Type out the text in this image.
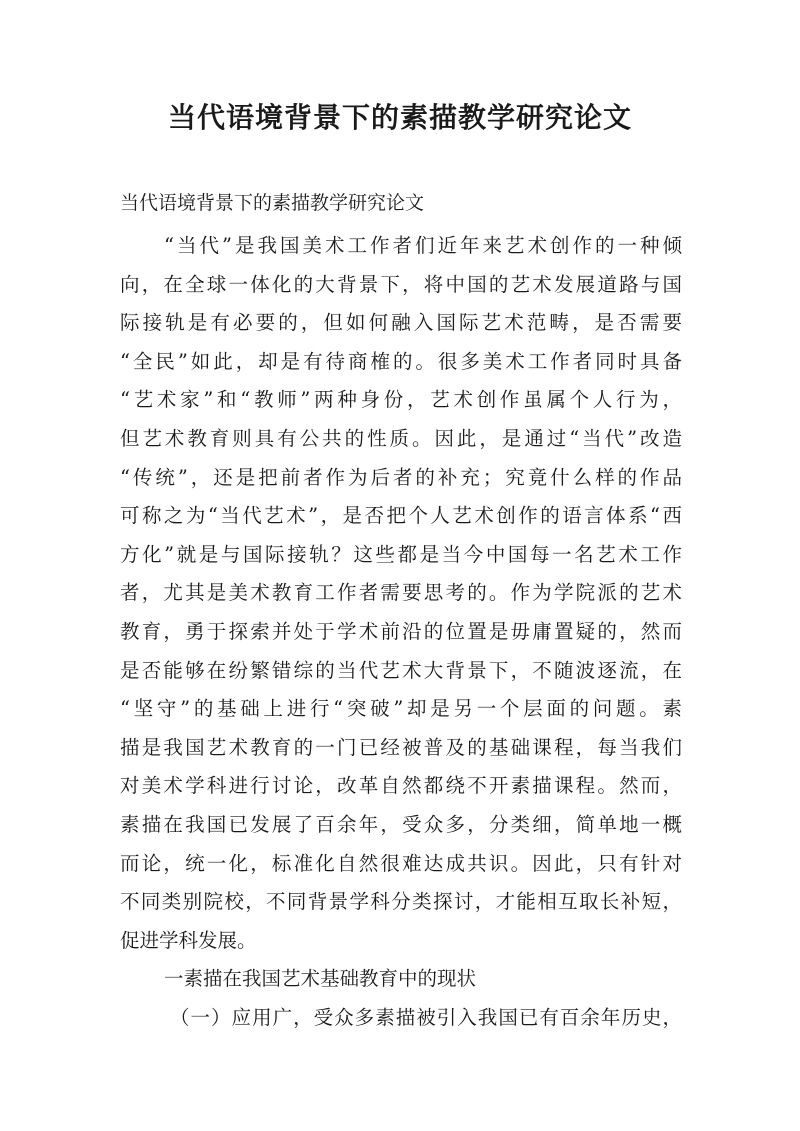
当代语境背景下的素描教学研究论文
当代语境背景下的素描教学研究论文

“当代”是我国美术工作者们近年来艺术创作的一种倾
向，在全球一体化的大背景下，将中国的艺术发展道路与国
际接轨是有必要的，但如何融入国际艺术范畴，是否需要
“全民”如此，却是有待商榷的。很多美术工作者同时具备
“艺术家”和“教师”两种身份，艺术创作虽属个人行为，
但艺术教育则具有公共的性质。因此，是通过“当代”改造
“传统”，还是把前者作为后者的补充；究竟什么样的作品
可称之为“当代艺术”，是否把个人艺术创作的语言体系“西
方化”就是与国际接轨？这些都是当今中国每一名艺术工作
者，尤其是美术教育工作者需要思考的。作为学院派的艺术
教育，勇于探索并处于学术前沿的位置是毋庸置疑的，然而
是否能够在纷繁错综的当代艺术大背景下，不随波逐流，在
“坚守”的基础上进行“突破”却是另一个层面的问题。素
描是我国艺术教育的一门已经被普及的基础课程，每当我们
对美术学科进行讨论，改革自然都绕不开素描课程。然而，
素描在我国已发展了百余年，受众多，分类细，简单地一概
而论，统一化，标准化自然很难达成共识。因此，只有针对
不同类别院校，不同背景学科分类探讨，才能相互取长补短，
促进学科发展。

一素描在我国艺术基础教育中的现状

（一）应用广，受众多素描被引入我国已有百余年历史，
